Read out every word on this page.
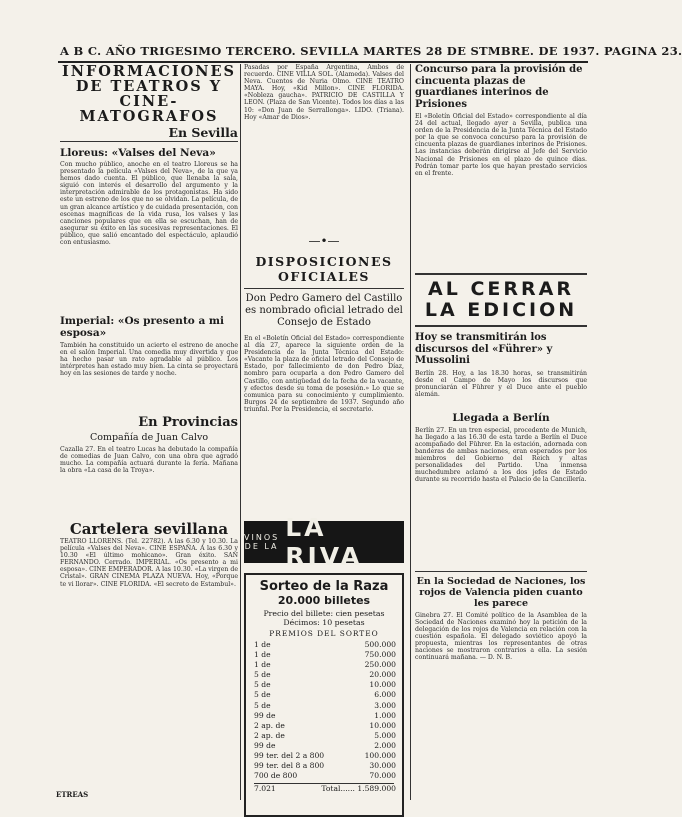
A B C. AÑO TRIGESIMO TERCERO. SEVILLA MARTES 28 DE STMBRE. DE 1937. PAGINA 23.
INFORMACIONES DE TEATROS Y CINE-MATOGRAFOS
En Sevilla
Lloreus: «Valses del Neva»
Con mucho público, anoche en el teatro Lloreus se ha presentado la película «Valses del Neva», de la que ya hemos dado cuenta. El público, que llenaba la sala, siguió con interés el desarrollo del argumento y la interpretación admirable de los protagonistas. Ha sido este un estreno de los que no se olvidan. La película, de un gran alcance artístico y de cuidada presentación, con escenas magníficas de la vida rusa, los valses y las canciones populares que en ella se escuchan, han de asegurar su éxito en las sucesivas representaciones. El público, que salió encantado del espectáculo, aplaudió con entusiasmo.
Imperial: «Os presento a mi esposa»
También ha constituido un acierto el estreno de anoche en el salón Imperial. Una comedia muy divertida y que ha hecho pasar un rato agradable al público. Los intérpretes han estado muy bien. La cinta se proyectará hoy en las sesiones de tarde y noche.
En Provincias
Compañía de Juan Calvo
Cazalla 27. En el teatro Lucas ha debutado la compañía de comedias de Juan Calvo, con una obra que agradó mucho. La compañía actuará durante la feria. Mañana la obra «La casa de la Troya».
Cartelera sevillana
TEATRO LLORENS. (Tel. 22782). A las 6.30 y 10.30. La película «Valses del Neva». CINE ESPAÑA. A las 6.30 y 10.30 «El último mohicano». Gran éxito. SAN FERNANDO. Cerrado. IMPERIAL. «Os presento a mi esposa». CINE EMPERADOR. A las 10.30. «La virgen de Cristal». GRAN CINEMA PLAZA NUEVA. Hoy, «Porque te vi llorar». CINE FLORIDA. «El secreto de Estambul».
ETREAS
Pasadas por España Argentina, Ambos de recuerdo. CINE VILLA SOL. (Alameda). Valses del Neva. Cuentos de Nuria Olmo. CINE TEATRO MAYA. Hoy, «Kid Millon». CINE FLORIDA. «Nobleza gaucha». PATRICIO DE CASTILLA Y LEON. (Plaza de San Vicente). Todos los días a las 10: «Don Juan de Serrallonga». LIDO. (Triana). Hoy «Amar de Dios».
—•—
DISPOSICIONES OFICIALES
Don Pedro Gamero del Castillo es nombrado oficial letrado del Consejo de Estado
En el «Boletín Oficial del Estado» correspondiente al día 27, aparece la siguiente orden de la Presidencia de la Junta Técnica del Estado: «Vacante la plaza de oficial letrado del Consejo de Estado, por fallecimiento de don Pedro Díaz, nombro para ocuparla a don Pedro Gamero del Castillo, con antigüedad de la fecha de la vacante, y efectos desde su toma de posesión.» Lo que se comunica para su conocimiento y cumplimiento. Burgos 24 de septiembre de 1937. Segundo año triunfal. Por la Presidencia, el secretario.
VINOS
DE LA
LA RIVA
Sorteo de la Raza
20.000 billetes
Precio del billete: cien pesetas
Décimos: 10 pesetas
PREMIOS DEL SORTEO
1 de	500.000
1 de	750.000
1 de	250.000
5 de	20.000
5 de	10.000
5 de	6.000
5 de	3.000
99 de	1.000
2 ap. de	10.000
2 ap. de	5.000
99 de	2.000
99 ter. del 2 a 800	100.000
99 ter. del 8 a 800	30.000
700 de 800	70.000
7.021	Total...... 1.589.000
Concurso para la provisión de cincuenta plazas de guardianes interinos de Prisiones
El «Boletín Oficial del Estado» correspondiente al día 24 del actual, llegado ayer a Sevilla, publica una orden de la Presidencia de la Junta Técnica del Estado por la que se convoca concurso para la provisión de cincuenta plazas de guardianes interinos de Prisiones. Las instancias deberán dirigirse al Jefe del Servicio Nacional de Prisiones en el plazo de quince días. Podrán tomar parte los que hayan prestado servicios en el frente.
AL CERRAR LA EDICION
Hoy se transmitirán los discursos del «Führer» y Mussolini
Berlín 28. Hoy, a las 18.30 horas, se transmitirán desde el Campo de Mayo los discursos que pronunciarán el Führer y el Duce ante el pueblo alemán.
Llegada a Berlín
Berlín 27. En un tren especial, procedente de Munich, ha llegado a las 16.30 de esta tarde a Berlín el Duce acompañado del Führer. En la estación, adornada con banderas de ambas naciones, eran esperados por los miembros del Gobierno del Reich y altas personalidades del Partido. Una inmensa muchedumbre aclamó a los dos jefes de Estado durante su recorrido hasta el Palacio de la Cancillería.
En la Sociedad de Naciones, los rojos de Valencia piden cuanto les parece
Ginebra 27. El Comité político de la Asamblea de la Sociedad de Naciones examinó hoy la petición de la delegación de los rojos de Valencia en relación con la cuestión española. El delegado soviético apoyó la propuesta, mientras los representantes de otras naciones se mostraron contrarios a ella. La sesión continuará mañana. — D. N. B.
